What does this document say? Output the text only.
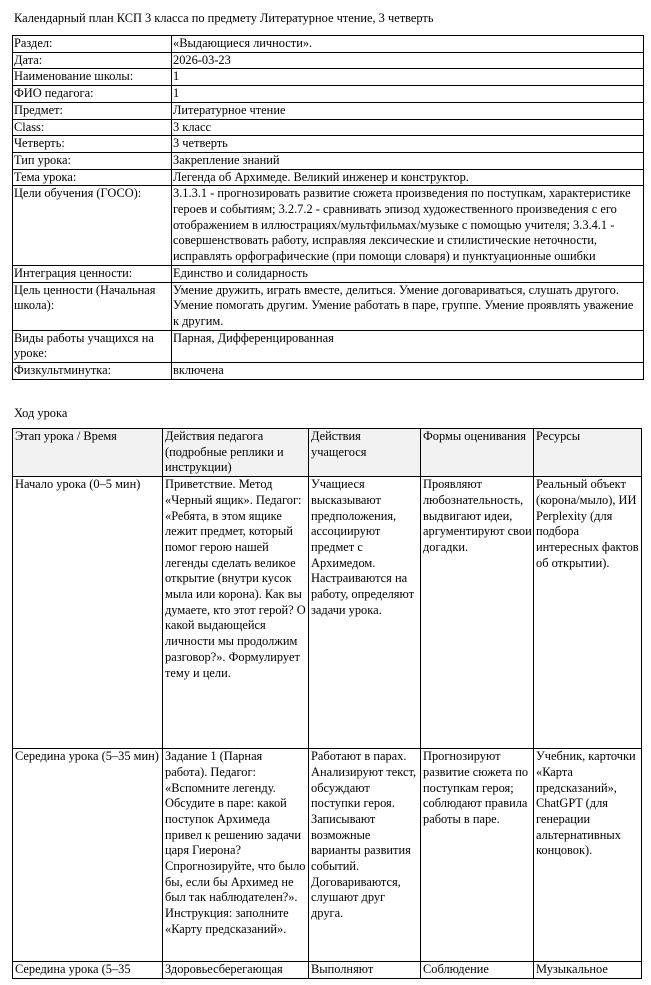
Календарный план КСП 3 класса по предмету Литературное чтение, 3 четверть
Раздел:	«Выдающиеся личности».
Дата:	2026-03-23
Наименование школы:	1
ФИО педагога:	1
Предмет:	Литературное чтение
Class:	3 класс
Четверть:	3 четверть
Тип урока:	Закрепление знаний
Тема урока:	Легенда об Архимеде. Великий инженер и конструктор.
Цели обучения (ГОСО):	3.1.3.1 - прогнозировать развитие сюжета произведения по поступкам, характеристике героев и событиям; 3.2.7.2 - сравнивать эпизод художественного произведения с его отображением в иллюстрациях/мультфильмах/музыке с помощью учителя; 3.3.4.1 - совершенствовать работу, исправляя лексические и стилистические неточности, исправлять орфографические (при помощи словаря) и пунктуационные ошибки
Интеграция ценности:	Единство и солидарность
Цель ценности (Начальная школа):	Умение дружить, играть вместе, делиться. Умение договариваться, слушать другого. Умение помогать другим. Умение работать в паре, группе. Умение проявлять уважение к другим.
Виды работы учащихся на уроке:	Парная, Дифференцированная
Физкультминутка:	включена
Ход урока
Этап урока / Время	Действия педагога (подробные реплики и инструкции)	Действия учащегося	Формы оценивания	Ресурсы
Начало урока (0–5 мин)	Приветствие. Метод «Черный ящик». Педагог: «Ребята, в этом ящике лежит предмет, который помог герою нашей легенды сделать великое открытие (внутри кусок мыла или корона). Как вы думаете, кто этот герой? О какой выдающейся личности мы продолжим разговор?». Формулирует тему и цели.	Учащиеся высказывают предположения, ассоциируют предмет с Архимедом. Настраиваются на работу, определяют задачи урока.	Проявляют любознательность, выдвигают идеи, аргументируют свои догадки.	Реальный объект (корона/мыло), ИИ Perplexity (для подбора интересных фактов об открытии).
Середина урока (5–35 мин)	Задание 1 (Парная работа). Педагог: «Вспомните легенду. Обсудите в паре: какой поступок Архимеда привел к решению задачи царя Гиерона? Спрогнозируйте, что было бы, если бы Архимед не был так наблюдателен?». Инструкция: заполните «Карту предсказаний».	Работают в парах. Анализируют текст, обсуждают поступки героя. Записывают возможные варианты развития событий. Договариваются, слушают друг друга.	Прогнозируют развитие сюжета по поступкам героя; соблюдают правила работы в паре.	Учебник, карточки «Карта предсказаний», ChatGPT (для генерации альтернативных концовок).
Середина урока (5–35	Здоровьесберегающая	Выполняют	Соблюдение	Музыкальное
